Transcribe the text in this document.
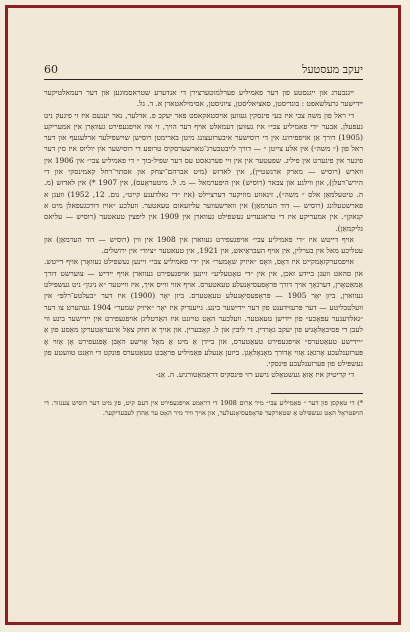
60	יעקב מעסטעל

ייגנבערג און ייגנסטע פון דער פאמיליע פערלמוטערצירן די אנדערע שטראסמוגען און דער דעמאלטיקער יידישער גרעלשאפט : בוגדיסטן, סאציאליסטן, ציוניסטן, אסימילאטארן א. ד. גל.

די ראל פון משה צבי איז בעי פינסקין געווען אויסטאקאסט פאר יעקב פ. אדלער, נאר יענעם איז זי פיגעק ניט געפעלן. אבער ״די פאמיליע צבי״ איז געווען דעמאלט אויף דער הויך, זי איז אויפגעפירט געוואָרן אין אמעריקע (1905) דורך אַן אויפפירונג אין די רוסישער איבערזעצונג מיטן בארימטן רוסישן שוישפילער ארלענעף און דער ראל פון (״ משה״) אין אלע צייטן ״ — דורך לייבטבערג־טארשערסקיס טרופע די רוסישער אין יוליוס איז סין דער פיגער אין פיגערט אין פיליג. שפעטער אין אין זיי פערגאסט עס דער שפיל-בוך ״ די פאמיליע צבי״ אין 1906 אין ווארש (רוסיש — מארק ארנשטיין), אין לאדזש (מיט אברהם־יצחק און אסתר־רחל קאמינסקי און די הירש־דעלן), און ווילנע און צבאר (רוסיש) אין היפערמאל — מ. ל. מיטעראָעס), אין 1907 *) אין לאדזש (מ. ה. טיטעלמאַן אלס ״ משה״), זינאווע מוזיקער דערציילט (איז ״די גאלדענע קייט״, נום. 12, 1952) וועגן א פארשטעלונג (רוסיש — דוד הערמאַן) אין ווארשעווער עליזעאום טעאטער. וועלכע ״אויז דורכגעפאלן מיט א קנאקן״. אין אמעריקע איז די טראגעדיע געשפילט געווארן אין 1909 אין ליפצין טעאטער (רוסיש — עליאס גליקמאַן).

אויף דייטש איז ״די פאמיליע צבי״ אויפגעפירט געווארן אין 1908 אין ווין (רוסיש — דוד הערמאַן) און עטליכע מאל אין בערלין, אין אויף העבראַיאש, אין 1921, אין טעאטער ״ציוד״ אין ירושלים.

אויפמערקזאַמקייט איז דאָס, וואָס ״איזיק שאָמער״ אין ״די פאמיליע צבי״ זיינען געשפילט געוואָרן אויף דייטש. און סהאט וועגן ביידע זאכן, אין אין ״די טאָטעליע״ זיינען אויפגעפירט געווארן אויף יידיש — צוערשט דורך אַמאַטאָרן, דערנאָך אויך דורך פּראָפעסיאָנעלע טעאטערס. אויף אזוי ווייס איך, איז ווייטער ״א ניגון״ ניט געשפּילט געווארן, ביזן יאָר 1905 — פּראָפעסיאָנעלע טעאַטערס. ביזן יאָר (1900) איז דער ״בעלטע־רלפּ״ אין וועלטבליטע — דער פּרעזידענט פון דער יידישער בינע. גייענדיק איז יאָר ״איזיק שמער״ 1904 געהערט צו דער ״גאלדענער עפּאָכע״ פון יידישן טעאטער. וועלכער האָט טויזנט איז האַרטליגן אויפגעפירט אין יידישער בינע ווי לעבן די פּסיכאָלאָגיע פון יעקב גאָרדין. די ליבין און ל. קאָבערין. און אויך א חוזק צאַל אינעראַטערקן מאַסע פון אַ ״יידישע טעאַטערס״ אויפגעפירט טעאַטערס, און ביידן אַ מיט אָ מאָל אָוישע האָבן אָפּגעפירט אָן אָזוי אָ פּערזענלעכע אָרגאַנ אָזוי אָדורך מאָנאָלאָגן. ביזען אַנעלע פּאַמיליע פּראַכט טעאַטערס פּונקט די וואַנט טוועטע פון געשפּילט פון פּערזענלעכע פּינסקי.

די קריטיק איז אַזאַ געשטאַלט גישע רזי פּינסקיס דראַמאַטורגיע. ה. אַנ-

*) די טאַקסן פון דער ״ פאַמיליע צבי״ מיר אַרום 1908 די דראַמע אויפגעפירט אין דעם קיט, פון מיט דער רוסיש צענזור. די הויפּטראָל האָט געשפּילט אַ שטאַרקער פּראָפעסיאָנעלער, און אויך וויר מיר האָט ער אַהרן לעבעדיקער.
